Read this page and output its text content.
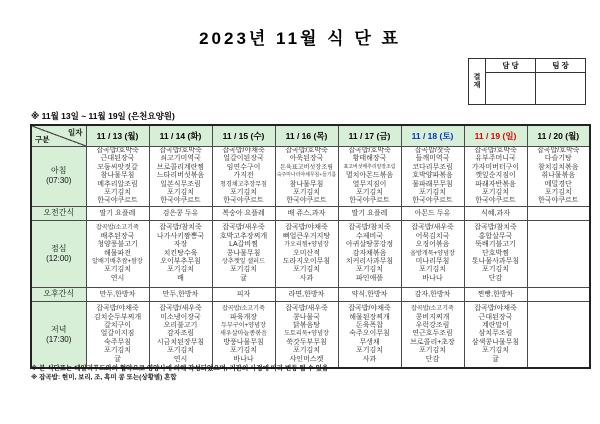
2023년 11월 식 단 표
결
재	담 당	팀 장

※ 11월 13일 ~ 11월 19일 (은천요양원)
일자
구분	11 / 13 (월)	11 / 14 (화)	11 / 15 (수)	11 / 16 (목)	11 / 17 (금)	11 / 18 (토)	11 / 19 (일)	11 / 20 (월)
아침
(07:30)	
잡곡밥/호박죽
근대된장국
모둠씨앗젓갈
참나물무침
메추리알조림
포기김치
한국야쿠르트

잡곡밥/호박죽
쇠고기미역국
브로콜리계란찜
느타리버섯볶음
일본식무조림
포기김치
한국야쿠르트

잡곡밥/야채죽
얼갈이된장국
임연수구이
가지전
청경채고추장무침
포기김치
한국야쿠르트

잡곡밥/호박죽
아욱된장국
돈육표고버섯장조림
숙주미나리야채무침+들기름
참나물무침
포기김치
한국야쿠르트

잡곡밥/호박죽
황태해장국
표고버섯메추리알장조림
멸치아몬드볶음
열무지짐이
포기김치
한국야쿠르트

잡곡밥/잣죽
들깨미역국
코다리무조림
호박양파볶음
물파래무무침
포기김치
한국야쿠르트

잡곡밥/호박죽
유부주머니국
가자미버터구이
깻잎순지짐이
파래자반볶음
포기김치
한국야쿠르트

잡곡밥/호박죽
다슬기탕
참치김치볶음
취나물볶음
메밀경단
포기김치
한국야쿠르트

오전간식	딸기 요플레	검은콩 두유	복숭아 요플레	배 쥬스,과자	딸기 요플레	아몬드 두유	식혜,과자	

점심
(12:00)	
잡곡밥/소고기죽
배추된장국
청양풍불고기
해물파전
알배기배추쌈+쌈장
포기김치
연시

잡곡밥/참치죽
나가사키짬뽕국
자장
치킨탕수육
오이부추무침
포기김치
배

잡곡밥/새우죽
호박고추장찌개
LA갈비찜
콩나물무침
상추깻잎 샐러드
포기김치
귤

잡곡밥/야채죽
뼈얼큰우거지탕
가오리찜+양념장
오미산적
도라지오이무침
포기김치
사과

잡곡밥/참치죽
수제비국
아귀살땅콩강정
감자채볶음
치커리사과무침
포기김치
파인애플

잡곡밥/새우죽
어묵김치국
오징어볶음
올방개묵+양념장
미나리무침
포기김치
바나나

잡곡밥/참치죽
홍합살무국
뚝배기불고기
단호박찜
톳나물사과무침
포기김치
단감

오후간식	만두,한방차	만두,한방차	피자	라면,한방차	약식,한방차	감자,한방차	찐빵,한방차	

저녁
(17:30)	
잡곡밥/야채죽
김치순두부찌개
갈치구이
얼갈이지짐
숙주무침
포기김치
귤

잡곡밥/새우죽
미소냉이장국
오리불고기
감자조림
시금치된장무침
포기김치
연시

잡곡밥/소고기죽
파육개장
두부구이+양념장
새우살마늘종볶음
방풍나물무침
포기김치
바나나

잡곡밥/새우죽
콩나물국
닭볶음탕
도토리묵+양념장
쑥갓두부무침
포기김치
샤인머스켓

잡곡밥/야채죽
해물된장찌개
돈육폭찹
숙주오이무침
무생채
포기김치
사과

잡곡밥/소고기죽
콩비지찌개
우럭강조림
연근호두조림
브로콜리+초장
포기김치
단감

잡곡밥/야채죽
근대된장국
계란말이
삼치무조림
삼색콩나물무침
포기김치
귤

※ 본 식단표는 데일리푸드와의 협약으로 영양사에 의해 작성되었으며, 기관의 사정에 따라 변동 될 수 있음
※ 잡곡밥: 현미, 보리, 조, 흑미 콩 또는(상황별) 혼합
